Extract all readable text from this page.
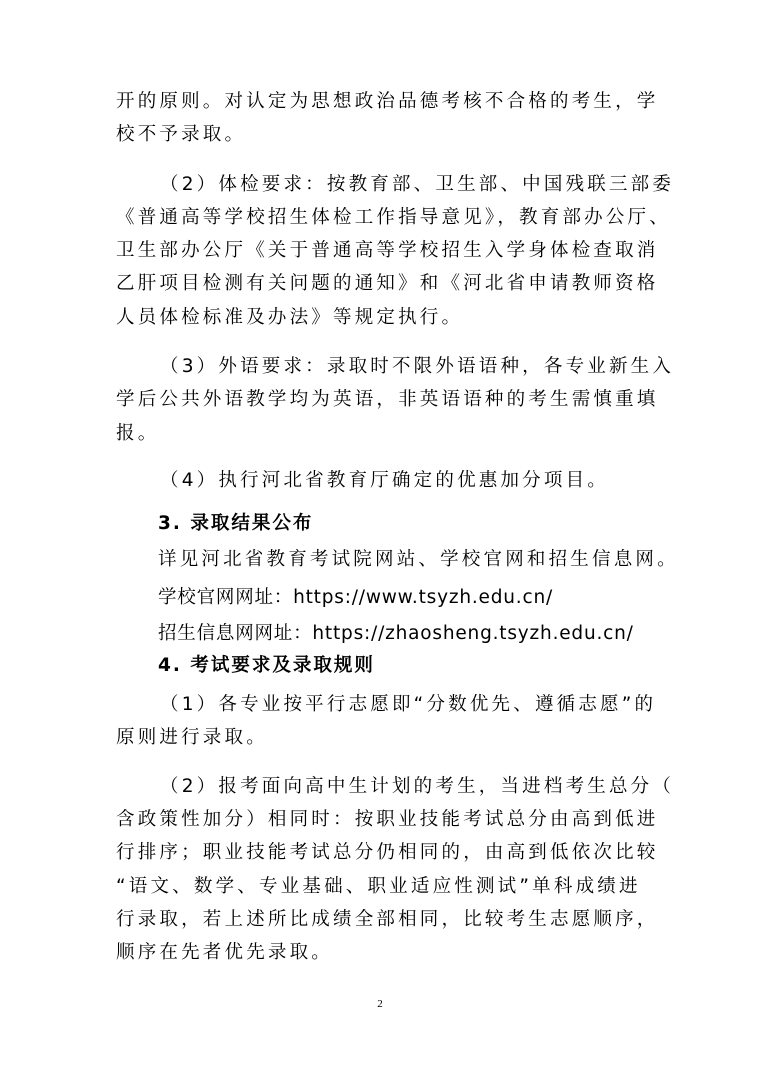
开的原则。对认定为思想政治品德考核不合格的考生，学
校不予录取。
（2）体检要求：按教育部、卫生部、中国残联三部委
《普通高等学校招生体检工作指导意见》，教育部办公厅、
卫生部办公厅《关于普通高等学校招生入学身体检查取消
乙肝项目检测有关问题的通知》和《河北省申请教师资格
人员体检标准及办法》等规定执行。
（3）外语要求：录取时不限外语语种，各专业新生入
学后公共外语教学均为英语，非英语语种的考生需慎重填
报。
（4）执行河北省教育厅确定的优惠加分项目。
3. 录取结果公布
详见河北省教育考试院网站、学校官网和招生信息网。
学校官网网址：https://www.tsyzh.edu.cn/
招生信息网网址：https://zhaosheng.tsyzh.edu.cn/
4. 考试要求及录取规则
（1）各专业按平行志愿即“分数优先、遵循志愿”的
原则进行录取。
（2）报考面向高中生计划的考生，当进档考生总分（
含政策性加分）相同时：按职业技能考试总分由高到低进
行排序；职业技能考试总分仍相同的，由高到低依次比较
“语文、数学、专业基础、职业适应性测试”单科成绩进
行录取，若上述所比成绩全部相同，比较考生志愿顺序，
顺序在先者优先录取。
2
